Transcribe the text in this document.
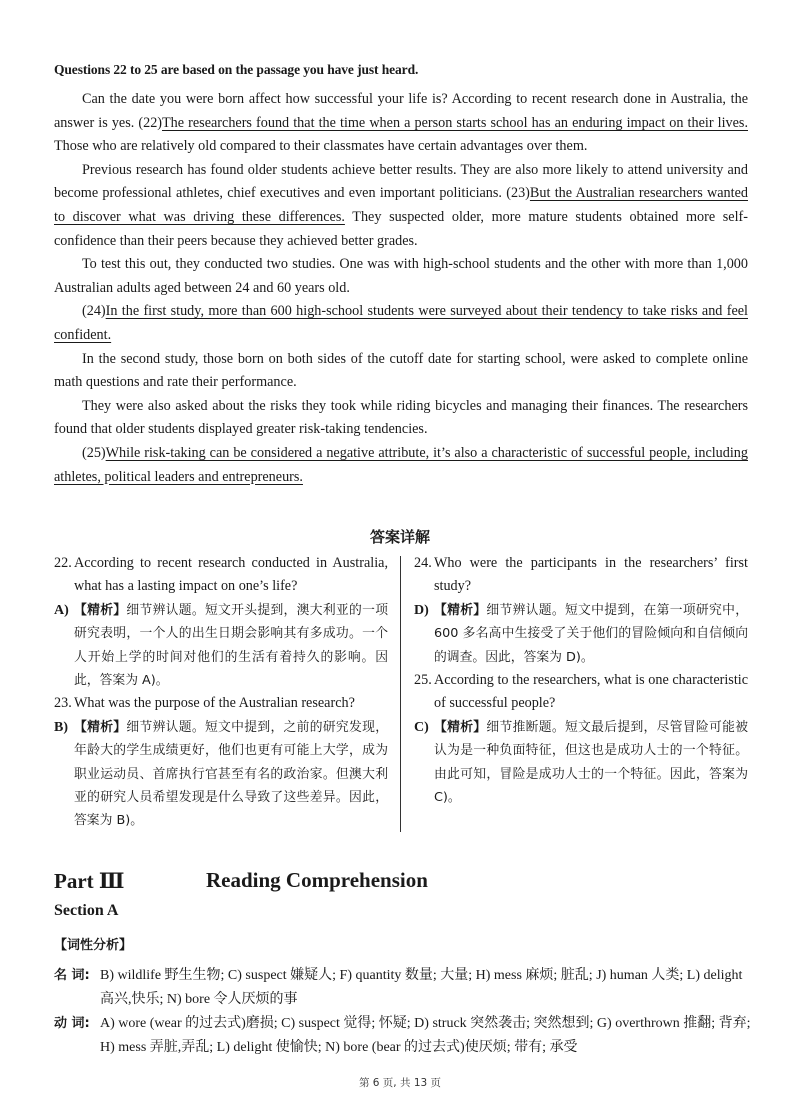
Questions 22 to 25 are based on the passage you have just heard.

Can the date you were born affect how successful your life is? According to recent research done in Australia, the answer is yes. (22)The researchers found that the time when a person starts school has an enduring impact on their lives. Those who are relatively old compared to their classmates have certain advantages over them.

Previous research has found older students achieve better results. They are also more likely to attend university and become professional athletes, chief executives and even important politicians. (23)But the Australian researchers wanted to discover what was driving these differences. They suspected older, more mature students obtained more self-confidence than their peers because they achieved better grades.

To test this out, they conducted two studies. One was with high-school students and the other with more than 1,000 Australian adults aged between 24 and 60 years old.

(24)In the first study, more than 600 high-school students were surveyed about their tendency to take risks and feel confident.

In the second study, those born on both sides of the cutoff date for starting school, were asked to complete online math questions and rate their performance.

They were also asked about the risks they took while riding bicycles and managing their finances. The researchers found that older students displayed greater risk-taking tendencies.

(25)While risk-taking can be considered a negative attribute, it’s also a characteristic of successful people, including athletes, political leaders and entrepreneurs.

答案详解
22. According to recent research conducted in Australia, what has a lasting impact on one’s life?
A) 【精析】细节辨认题。短文开头提到，澳大利亚的一项研究表明，一个人的出生日期会影响其有多成功。一个人开始上学的时间对他们的生活有着持久的影响。因此，答案为 A)。
23. What was the purpose of the Australian research?
B) 【精析】细节辨认题。短文中提到，之前的研究发现，年龄大的学生成绩更好，他们也更有可能上大学，成为职业运动员、首席执行官甚至有名的政治家。但澳大利亚的研究人员希望发现是什么导致了这些差异。因此，答案为 B)。
24. Who were the participants in the researchers’ first study?
D) 【精析】细节辨认题。短文中提到，在第一项研究中，600 多名高中生接受了关于他们的冒险倾向和自信倾向的调查。因此，答案为 D)。
25. According to the researchers, what is one characteristic of successful people?
C) 【精析】细节推断题。短文最后提到，尽管冒险可能被认为是一种负面特征，但这也是成功人士的一个特征。由此可知，冒险是成功人士的一个特征。因此，答案为 C)。
Part Ⅲ	Reading Comprehension
Section A
【词性分析】
名 词: B) wildlife 野生生物; C) suspect 嫌疑人; F) quantity 数量; 大量; H) mess 麻烦; 脏乱; J) human 人类; L) delight 高兴,快乐; N) bore 令人厌烦的事
动 词: A) wore (wear 的过去式)磨损; C) suspect 觉得; 怀疑; D) struck 突然袭击; 突然想到; G) overthrown 推翻; 背弃; H) mess 弄脏,弄乱; L) delight 使愉快; N) bore (bear 的过去式)使厌烦; 带有; 承受
第 6 页, 共 13 页
